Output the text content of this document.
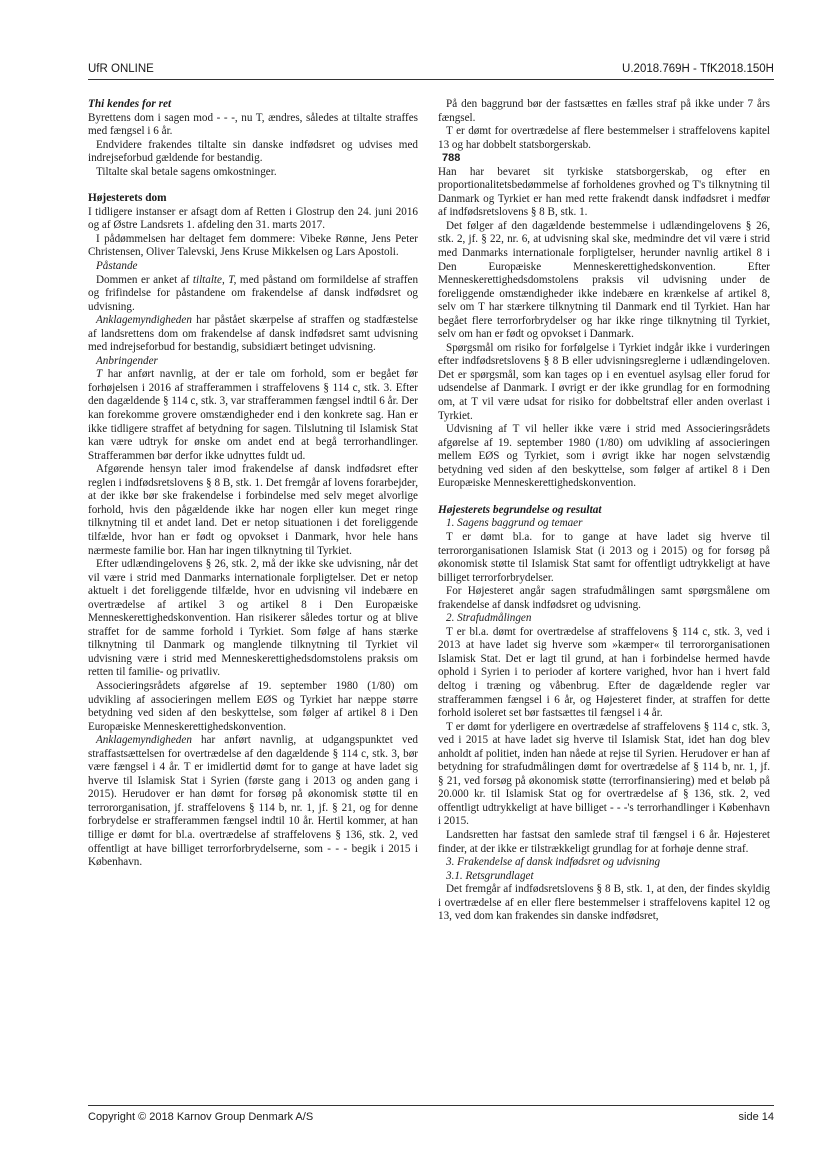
UfR ONLINE	U.2018.769H - TfK2018.150H
Thi kendes for ret

Byrettens dom i sagen mod - - -, nu T, ændres, således at tiltalte straffes med fængsel i 6 år.

Endvidere frakendes tiltalte sin danske indfødsret og udvises med indrejseforbud gældende for bestandig.

Tiltalte skal betale sagens omkostninger.

Højesterets dom

I tidligere instanser er afsagt dom af Retten i Glostrup den 24. juni 2016 og af Østre Landsrets 1. afdeling den 31. marts 2017.

I pådømmelsen har deltaget fem dommere: Vibeke Rønne, Jens Peter Christensen, Oliver Talevski, Jens Kruse Mikkelsen og Lars Apostoli.

Påstande

Dommen er anket af tiltalte, T, med påstand om formildelse af straffen og frifindelse for påstandene om frakendelse af dansk indfødsret og udvisning.

Anklagemyndigheden har påstået skærpelse af straffen og stadfæstelse af landsrettens dom om frakendelse af dansk indfødsret samt udvisning med indrejseforbud for bestandig, subsidiært betinget udvisning.

Anbringender

T har anført navnlig, at der er tale om forhold, som er begået før forhøjelsen i 2016 af strafferammen i straffelovens § 114 c, stk. 3. Efter den dagældende § 114 c, stk. 3, var strafferammen fængsel indtil 6 år. Der kan forekomme grovere omstændigheder end i den konkrete sag. Han er ikke tidligere straffet af betydning for sagen. Tilslutning til Islamisk Stat kan være udtryk for ønske om andet end at begå terrorhandlinger. Strafferammen bør derfor ikke udnyttes fuldt ud.

Afgørende hensyn taler imod frakendelse af dansk indfødsret efter reglen i indfødsretslovens § 8 B, stk. 1. Det fremgår af lovens forarbejder, at der ikke bør ske frakendelse i forbindelse med selv meget alvorlige forhold, hvis den pågældende ikke har nogen eller kun meget ringe tilknytning til et andet land. Det er netop situationen i det foreliggende tilfælde, hvor han er født og opvokset i Danmark, hvor hele hans nærmeste familie bor. Han har ingen tilknytning til Tyrkiet.

Efter udlændingelovens § 26, stk. 2, må der ikke ske udvisning, når det vil være i strid med Danmarks internationale forpligtelser. Det er netop aktuelt i det foreliggende tilfælde, hvor en udvisning vil indebære en overtrædelse af artikel 3 og artikel 8 i Den Europæiske Menneskerettighedskonvention. Han risikerer således tortur og at blive straffet for de samme forhold i Tyrkiet. Som følge af hans stærke tilknytning til Danmark og manglende tilknytning til Tyrkiet vil udvisning være i strid med Menneskerettighedsdomstolens praksis om retten til familie- og privatliv.

Associeringsrådets afgørelse af 19. september 1980 (1/80) om udvikling af associeringen mellem EØS og Tyrkiet har næppe større betydning ved siden af den beskyttelse, som følger af artikel 8 i Den Europæiske Menneskerettighedskonvention.

Anklagemyndigheden har anført navnlig, at udgangspunktet ved straffastsættelsen for overtrædelse af den dagældende § 114 c, stk. 3, bør være fængsel i 4 år. T er imidlertid dømt for to gange at have ladet sig hverve til Islamisk Stat i Syrien (første gang i 2013 og anden gang i 2015). Herudover er han dømt for forsøg på økonomisk støtte til en terrororganisation, jf. straffelovens § 114 b, nr. 1, jf. § 21, og for denne forbrydelse er strafferammen fængsel indtil 10 år. Hertil kommer, at han tillige er dømt for bl.a. overtrædelse af straffelovens § 136, stk. 2, ved offentligt at have billiget terrorforbrydelserne, som - - - begik i 2015 i København.

På den baggrund bør der fastsættes en fælles straf på ikke under 7 års fængsel.

T er dømt for overtrædelse af flere bestemmelser i straffelovens kapitel 13 og har dobbelt statsborgerskab.

788

Han har bevaret sit tyrkiske statsborgerskab, og efter en proportionalitetsbedømmelse af forholdenes grovhed og T's tilknytning til Danmark og Tyrkiet er han med rette frakendt dansk indfødsret i medfør af indfødsretslovens § 8 B, stk. 1.

Det følger af den dagældende bestemmelse i udlændingelovens § 26, stk. 2, jf. § 22, nr. 6, at udvisning skal ske, medmindre det vil være i strid med Danmarks internationale forpligtelser, herunder navnlig artikel 8 i Den Europæiske Menneskerettighedskonvention. Efter Menneskerettighedsdomstolens praksis vil udvisning under de foreliggende omstændigheder ikke indebære en krænkelse af artikel 8, selv om T har stærkere tilknytning til Danmark end til Tyrkiet. Han har begået flere terrorforbrydelser og har ikke ringe tilknytning til Tyrkiet, selv om han er født og opvokset i Danmark.

Spørgsmål om risiko for forfølgelse i Tyrkiet indgår ikke i vurderingen efter indfødsretslovens § 8 B eller udvisningsreglerne i udlændingeloven. Det er spørgsmål, som kan tages op i en eventuel asylsag eller forud for udsendelse af Danmark. I øvrigt er der ikke grundlag for en formodning om, at T vil være udsat for risiko for dobbeltstraf eller anden overlast i Tyrkiet.

Udvisning af T vil heller ikke være i strid med Associeringsrådets afgørelse af 19. september 1980 (1/80) om udvikling af associeringen mellem EØS og Tyrkiet, som i øvrigt ikke har nogen selvstændig betydning ved siden af den beskyttelse, som følger af artikel 8 i Den Europæiske Menneskerettighedskonvention.

Højesterets begrundelse og resultat

1. Sagens baggrund og temaer

T er dømt bl.a. for to gange at have ladet sig hverve til terrororganisationen Islamisk Stat (i 2013 og i 2015) og for forsøg på økonomisk støtte til Islamisk Stat samt for offentligt udtrykkeligt at have billiget terrorforbrydelser.

For Højesteret angår sagen strafudmålingen samt spørgsmålene om frakendelse af dansk indfødsret og udvisning.

2. Strafudmålingen

T er bl.a. dømt for overtrædelse af straffelovens § 114 c, stk. 3, ved i 2013 at have ladet sig hverve som »kæmper« til terrororganisationen Islamisk Stat. Det er lagt til grund, at han i forbindelse hermed havde ophold i Syrien i to perioder af kortere varighed, hvor han i hvert fald deltog i træning og våbenbrug. Efter de dagældende regler var strafferammen fængsel i 6 år, og Højesteret finder, at straffen for dette forhold isoleret set bør fastsættes til fængsel i 4 år.

T er dømt for yderligere en overtrædelse af straffelovens § 114 c, stk. 3, ved i 2015 at have ladet sig hverve til Islamisk Stat, idet han dog blev anholdt af politiet, inden han nåede at rejse til Syrien. Herudover er han af betydning for strafudmålingen dømt for overtrædelse af § 114 b, nr. 1, jf. § 21, ved forsøg på økonomisk støtte (terrorfinansiering) med et beløb på 20.000 kr. til Islamisk Stat og for overtrædelse af § 136, stk. 2, ved offentligt udtrykkeligt at have billiget - - -'s terrorhandlinger i København i 2015.

Landsretten har fastsat den samlede straf til fængsel i 6 år. Højesteret finder, at der ikke er tilstrækkeligt grundlag for at forhøje denne straf.

3. Frakendelse af dansk indfødsret og udvisning

3.1. Retsgrundlaget

Det fremgår af indfødsretslovens § 8 B, stk. 1, at den, der findes skyldig i overtrædelse af en eller flere bestemmelser i straffelovens kapitel 12 og 13, ved dom kan frakendes sin danske indfødsret,

Copyright © 2018 Karnov Group Denmark A/S	side 14
